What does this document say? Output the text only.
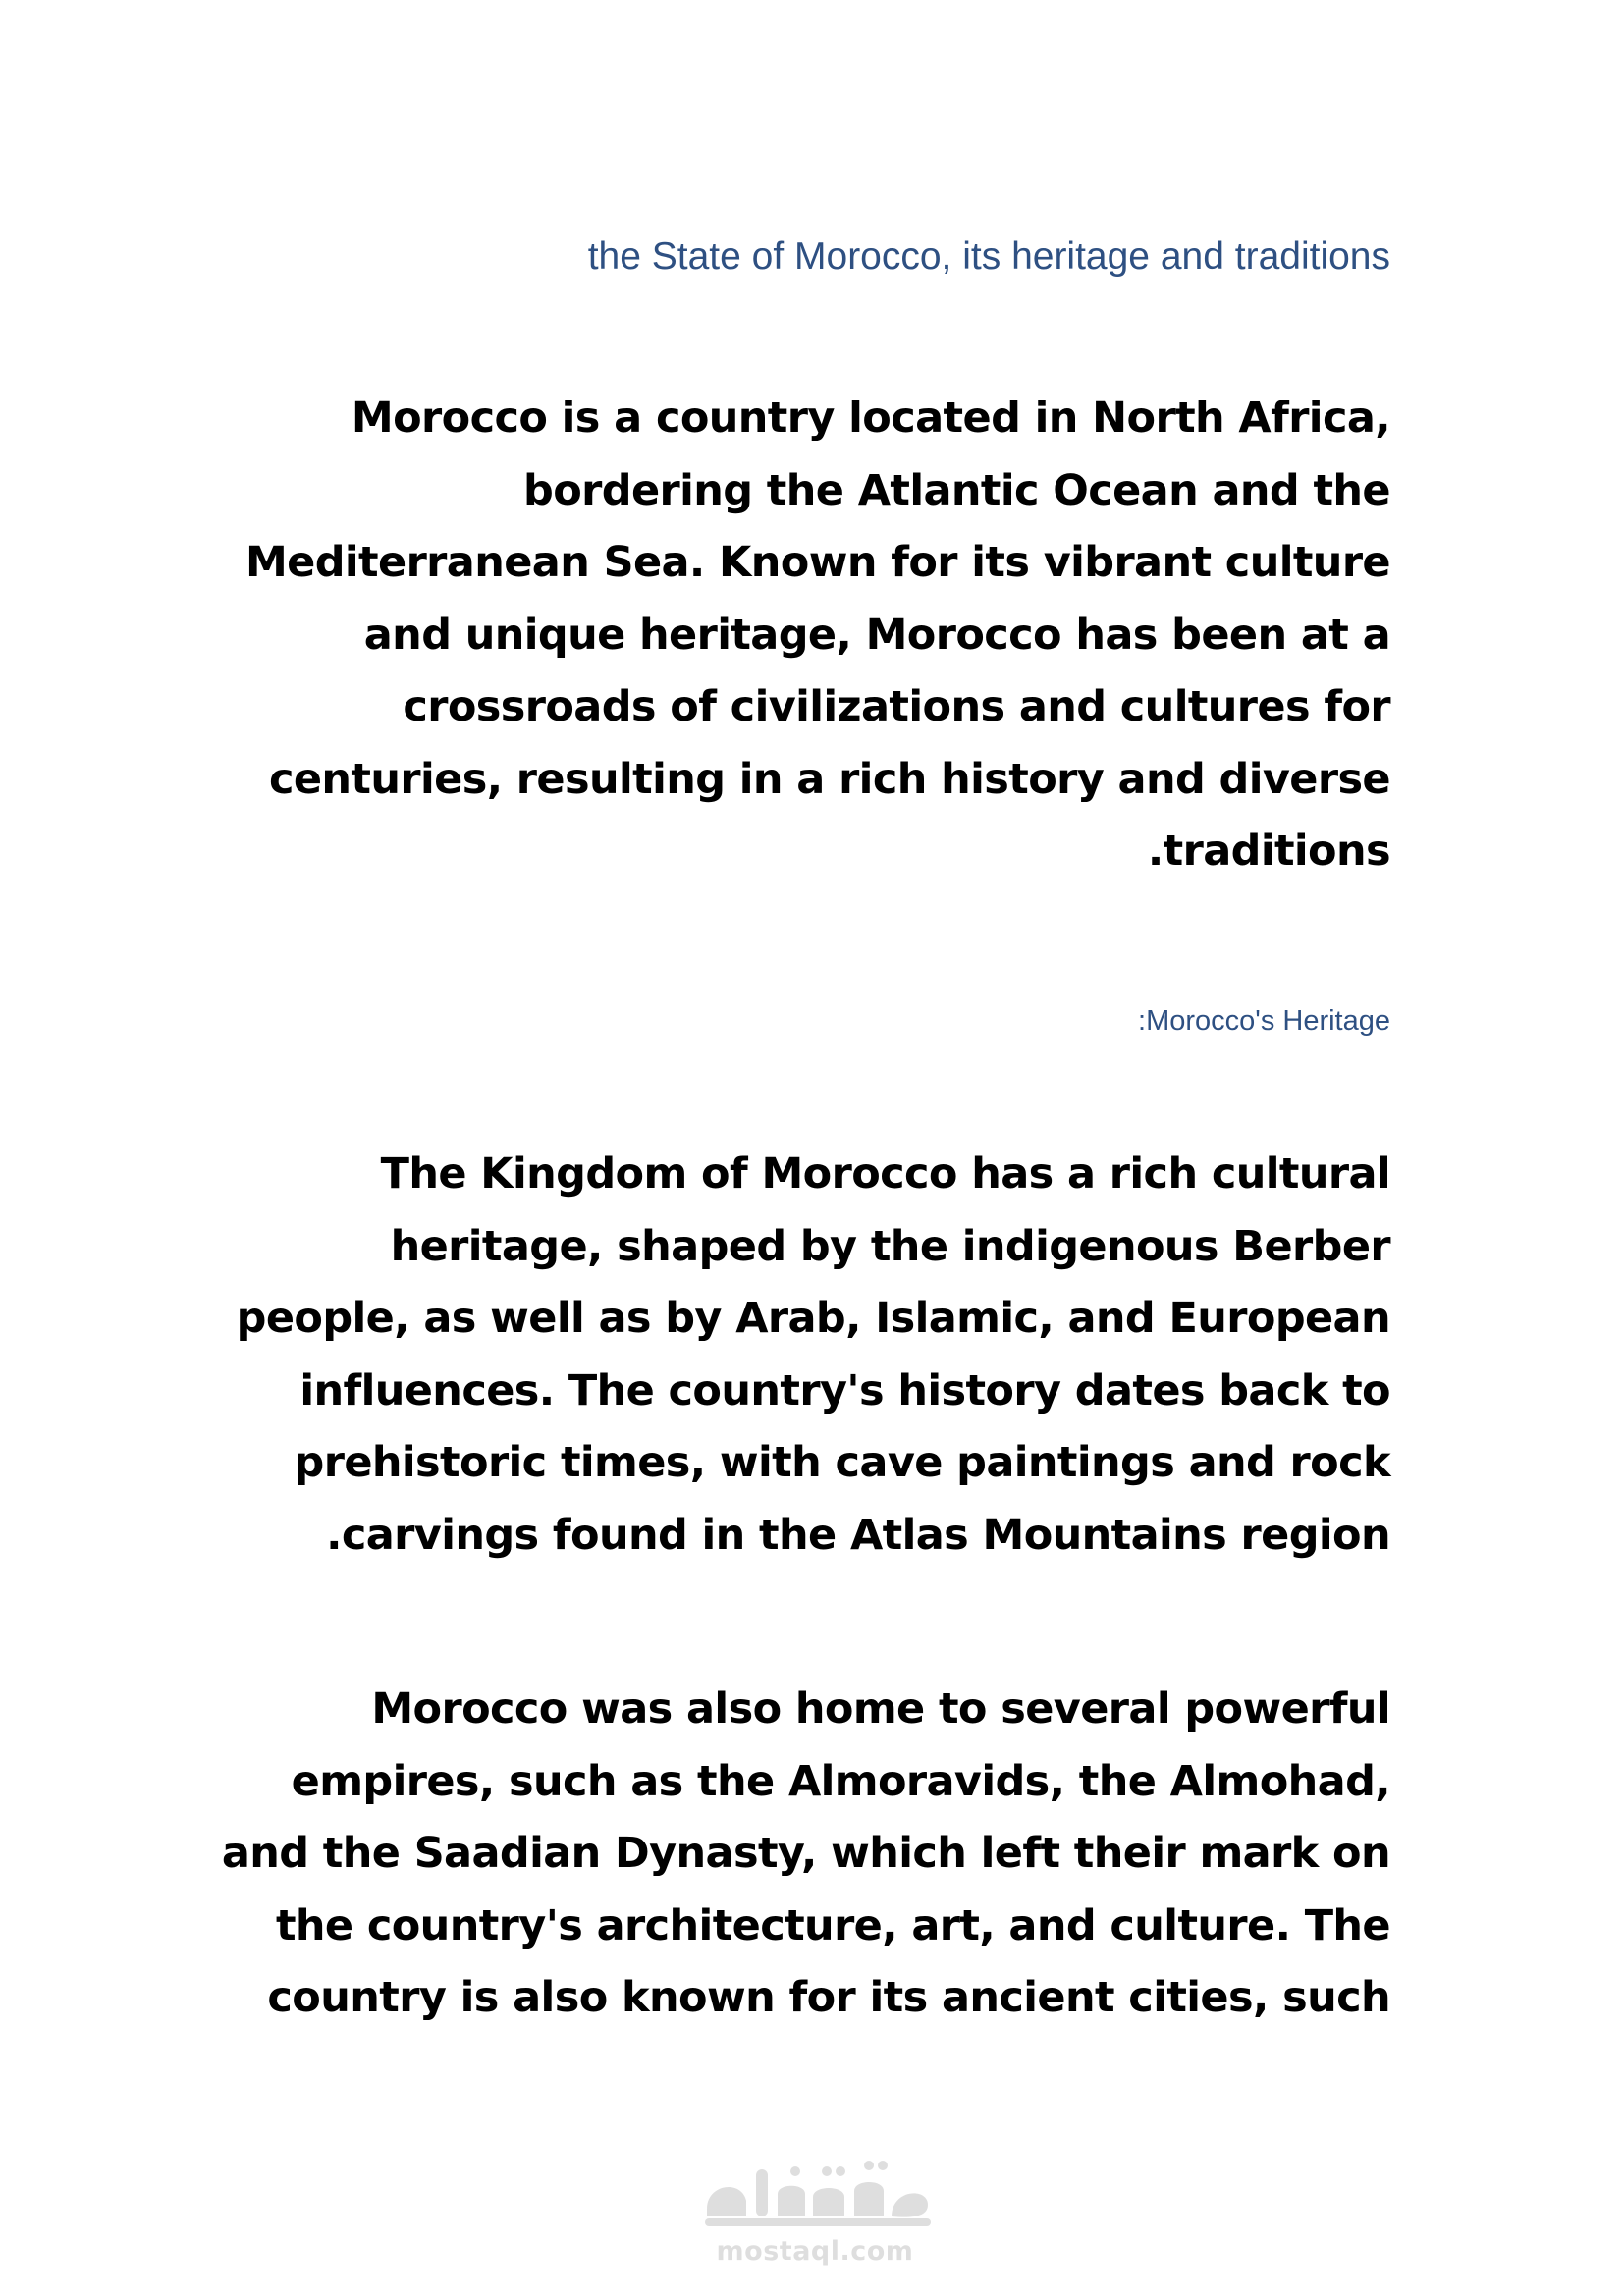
the State of Morocco, its heritage and traditions
Morocco is a country located in North Africa,
bordering the Atlantic Ocean and the
Mediterranean Sea. Known for its vibrant culture
and unique heritage, Morocco has been at a
crossroads of civilizations and cultures for
centuries, resulting in a rich history and diverse
.traditions
:Morocco's Heritage
The Kingdom of Morocco has a rich cultural
heritage, shaped by the indigenous Berber
people, as well as by Arab, Islamic, and European
influences. The country's history dates back to
prehistoric times, with cave paintings and rock
.carvings found in the Atlas Mountains region
Morocco was also home to several powerful
empires, such as the Almoravids, the Almohad,
and the Saadian Dynasty, which left their mark on
the country's architecture, art, and culture. The
country is also known for its ancient cities, such
mostaql.com
